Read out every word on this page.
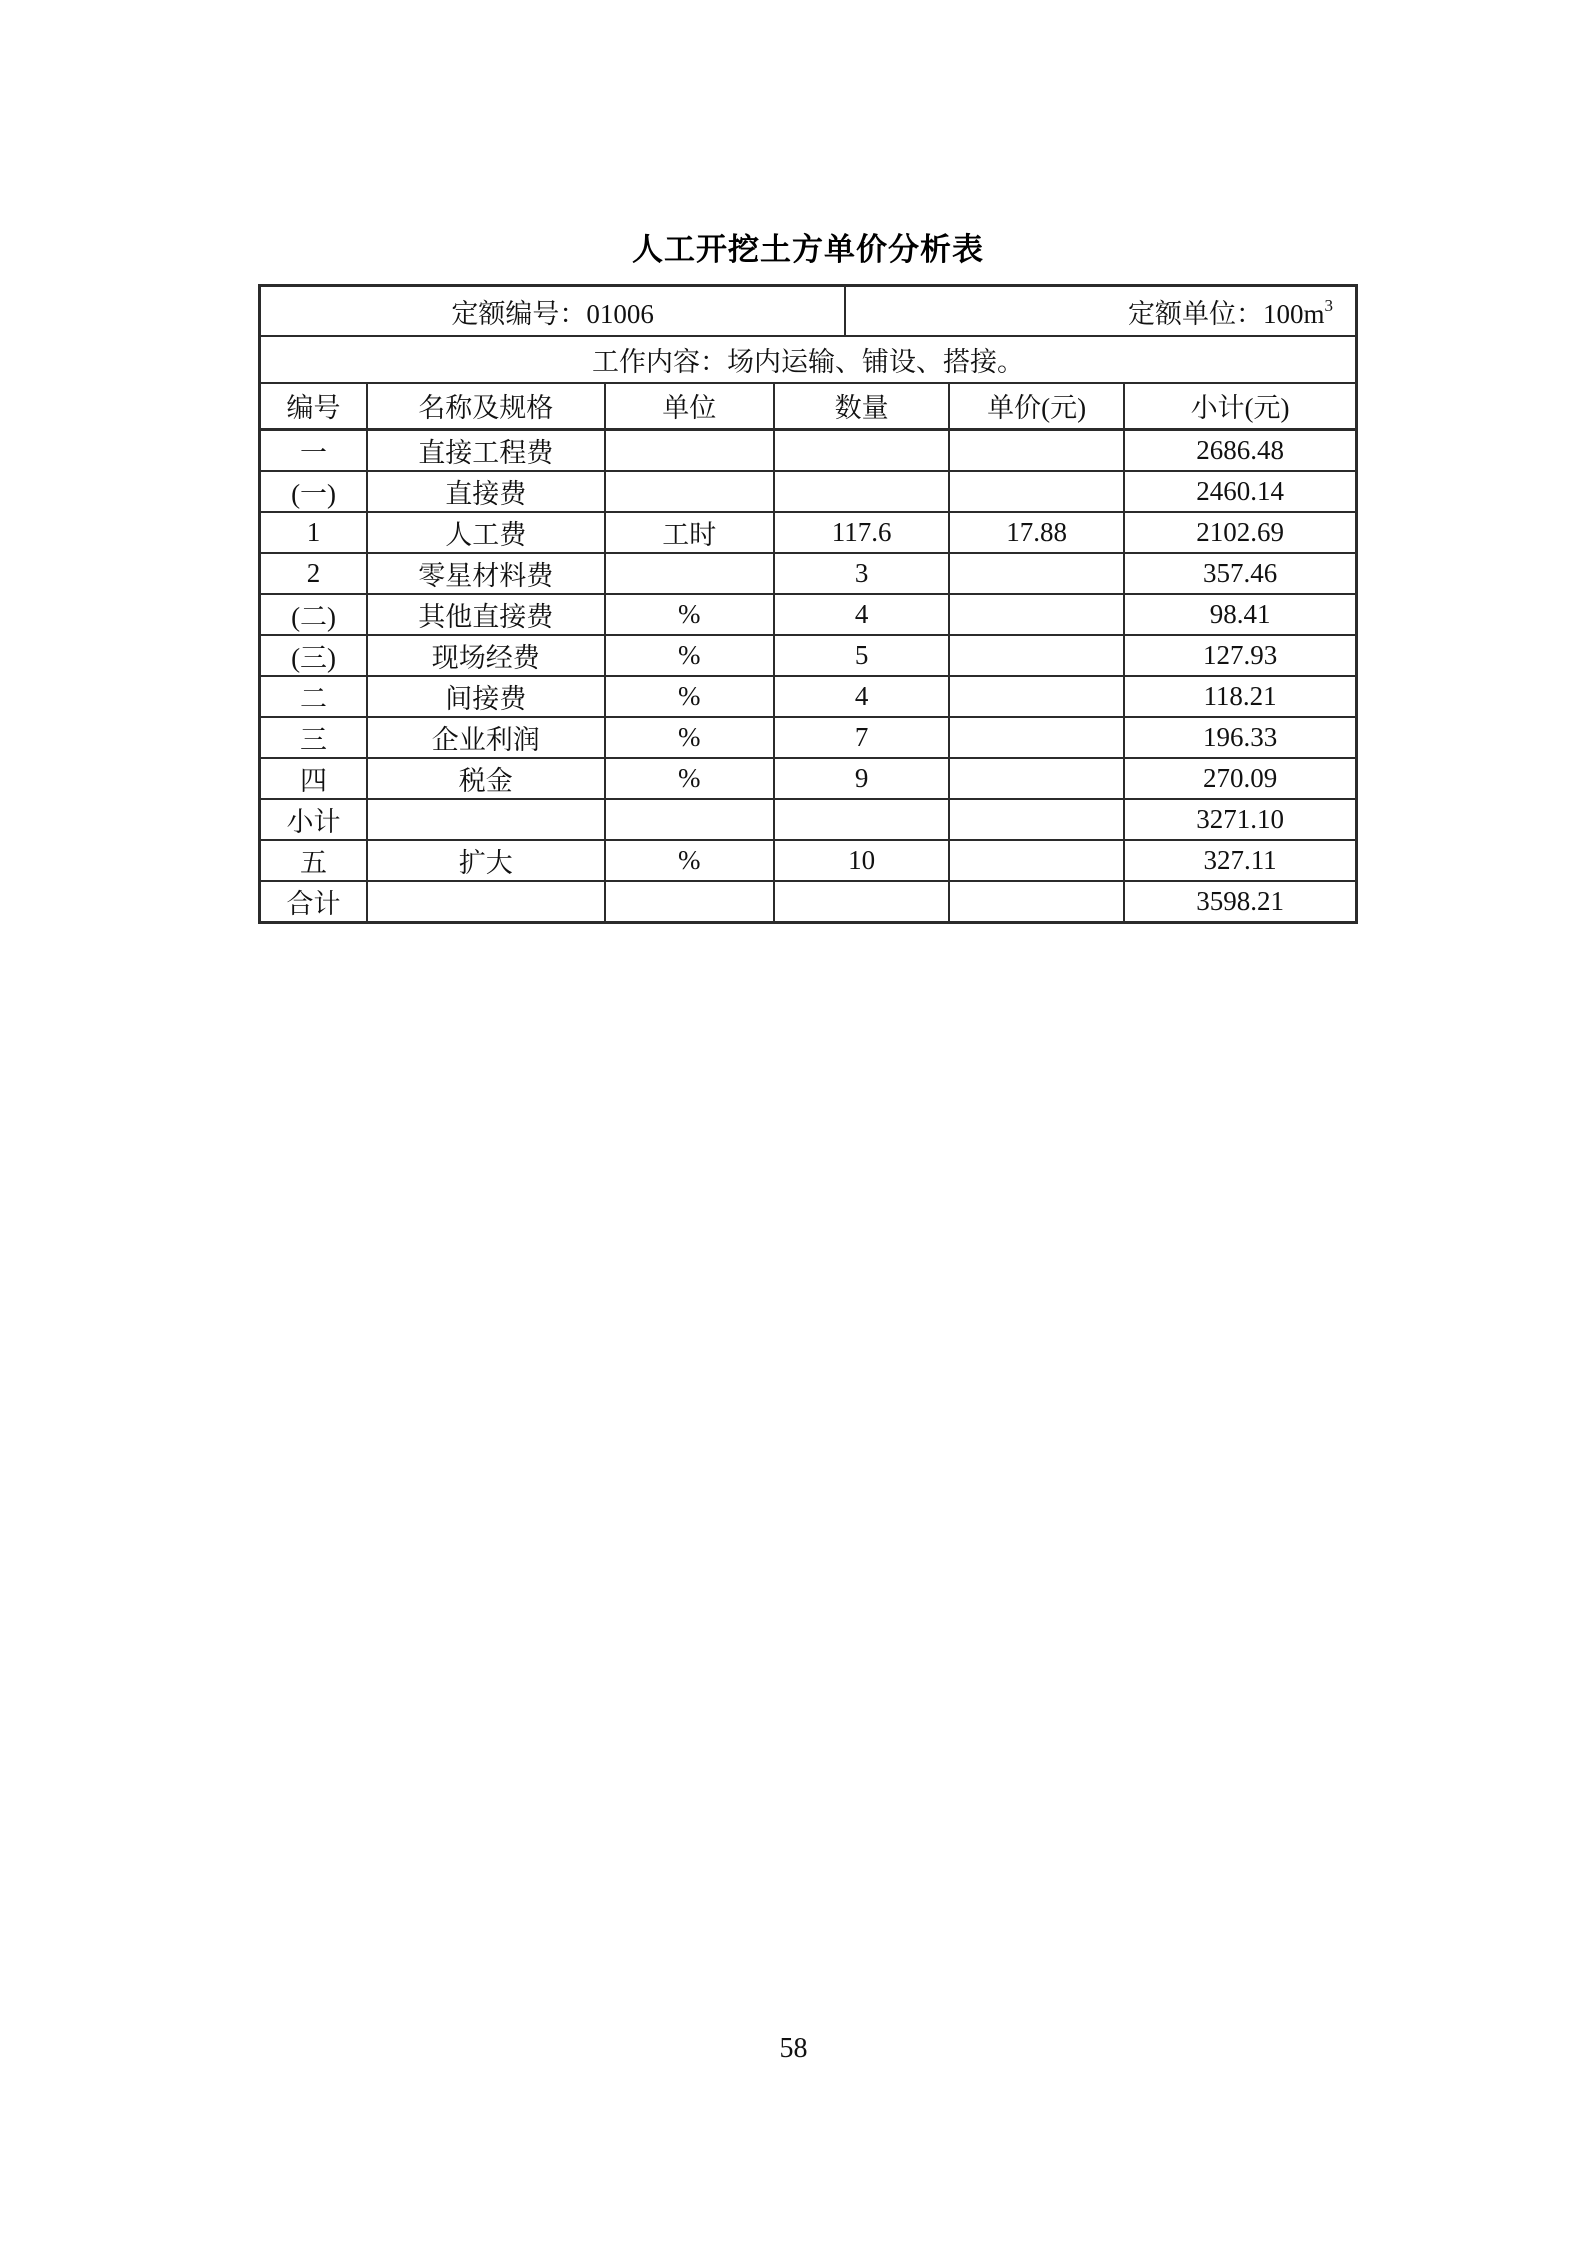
人工开挖土方单价分析表
定额编号：01006	定额单位：$100m^3$
工作内容：场内运输、铺设、搭接。
编号	名称及规格	单位	数量	单价(元)	小计(元)
一	直接工程费				2686.48
(一)	直接费				2460.14
1	人工费	工时	117.6	17.88	2102.69
2	零星材料费		3		357.46
(二)	其他直接费	%	4		98.41
(三)	现场经费	%	5		127.93
二	间接费	%	4		118.21
三	企业利润	%	7		196.33
四	税金	%	9		270.09
小计					3271.10
五	扩大	%	10		327.11
合计					3598.21
58
